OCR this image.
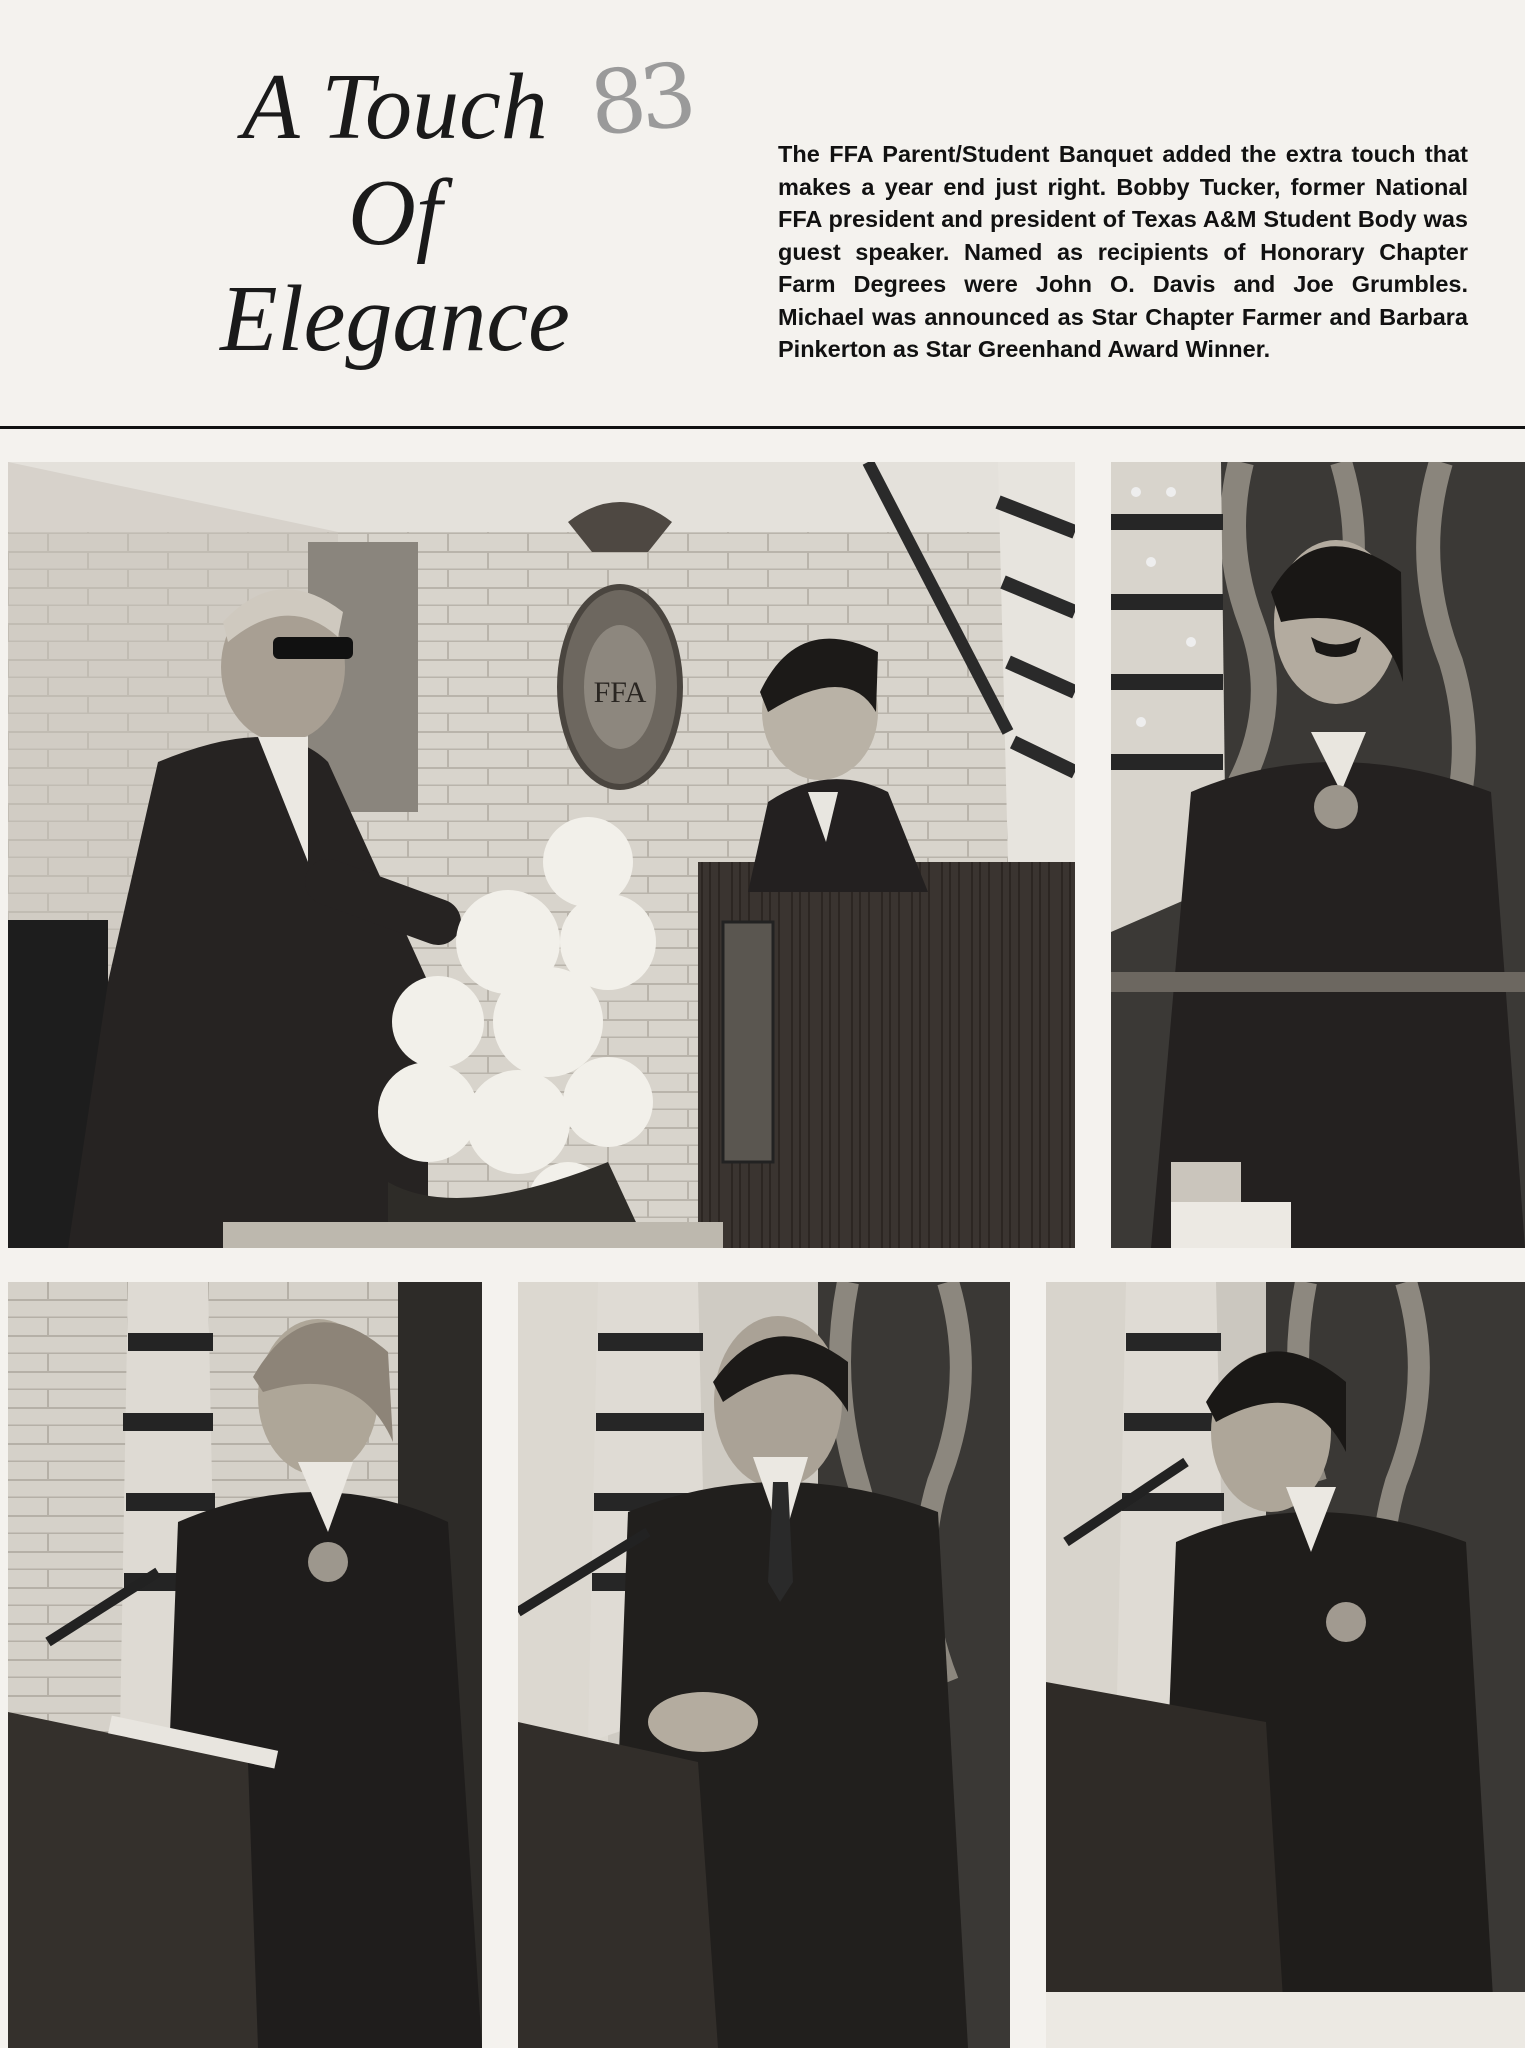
A Touch
Of
Elegance
83	The FFA Parent/Student Banquet added the extra touch that makes a year end just right. Bobby Tucker, former National FFA president and president of Texas A&M Student Body was guest speaker. Named as recipients of Honorary Chapter Farm Degrees were John O. Davis and Joe Grumbles. Michael was announced as Star Chapter Farmer and Barbara Pinkerton as Star Greenhand Award Winner.
FFA
